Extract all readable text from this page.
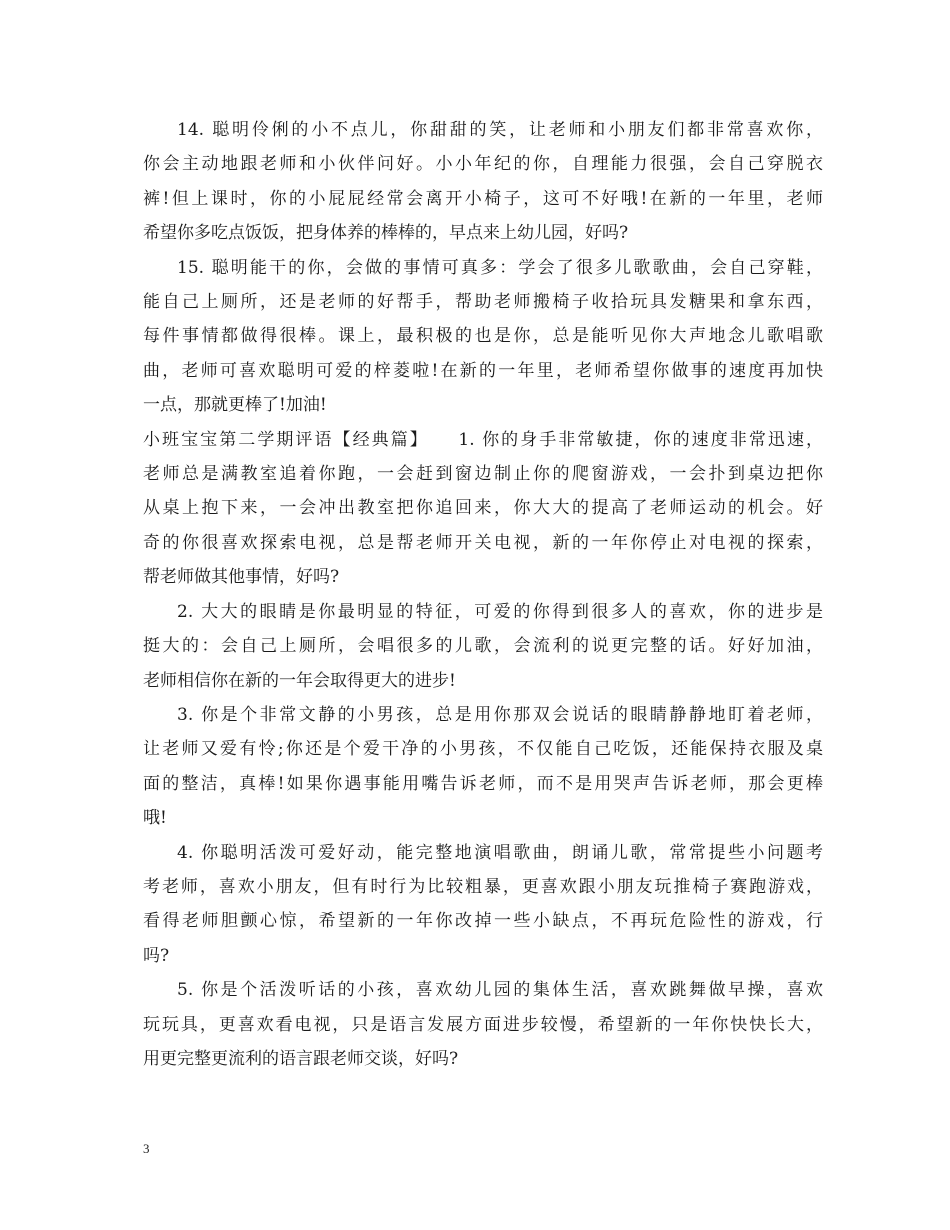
14. 聪明伶俐的小不点儿，你甜甜的笑，让老师和小朋友们都非常喜欢你，
你会主动地跟老师和小伙伴问好。小小年纪的你，自理能力很强，会自己穿脱衣
裤!但上课时，你的小屁屁经常会离开小椅子，这可不好哦!在新的一年里，老师
希望你多吃点饭饭，把身体养的棒棒的，早点来上幼儿园，好吗?

15. 聪明能干的你，会做的事情可真多：学会了很多儿歌歌曲，会自己穿鞋，
能自己上厕所，还是老师的好帮手，帮助老师搬椅子收拾玩具发糖果和拿东西，
每件事情都做得很棒。课上，最积极的也是你，总是能听见你大声地念儿歌唱歌
曲，老师可喜欢聪明可爱的梓菱啦!在新的一年里，老师希望你做事的速度再加快
一点，那就更棒了!加油!

小班宝宝第二学期评语【经典篇】　　1. 你的身手非常敏捷，你的速度非常迅速，
老师总是满教室追着你跑，一会赶到窗边制止你的爬窗游戏，一会扑到桌边把你
从桌上抱下来，一会冲出教室把你追回来，你大大的提高了老师运动的机会。好
奇的你很喜欢探索电视，总是帮老师开关电视，新的一年你停止对电视的探索，
帮老师做其他事情，好吗?

2. 大大的眼睛是你最明显的特征，可爱的你得到很多人的喜欢，你的进步是
挺大的：会自己上厕所，会唱很多的儿歌，会流利的说更完整的话。好好加油，
老师相信你在新的一年会取得更大的进步!

3. 你是个非常文静的小男孩，总是用你那双会说话的眼睛静静地盯着老师，
让老师又爱有怜;你还是个爱干净的小男孩，不仅能自己吃饭，还能保持衣服及桌
面的整洁，真棒!如果你遇事能用嘴告诉老师，而不是用哭声告诉老师，那会更棒
哦!

4. 你聪明活泼可爱好动，能完整地演唱歌曲，朗诵儿歌，常常提些小问题考
考老师，喜欢小朋友，但有时行为比较粗暴，更喜欢跟小朋友玩推椅子赛跑游戏，
看得老师胆颤心惊，希望新的一年你改掉一些小缺点，不再玩危险性的游戏，行
吗?

5. 你是个活泼听话的小孩，喜欢幼儿园的集体生活，喜欢跳舞做早操，喜欢
玩玩具，更喜欢看电视，只是语言发展方面进步较慢，希望新的一年你快快长大，
用更完整更流利的语言跟老师交谈，好吗?

3
